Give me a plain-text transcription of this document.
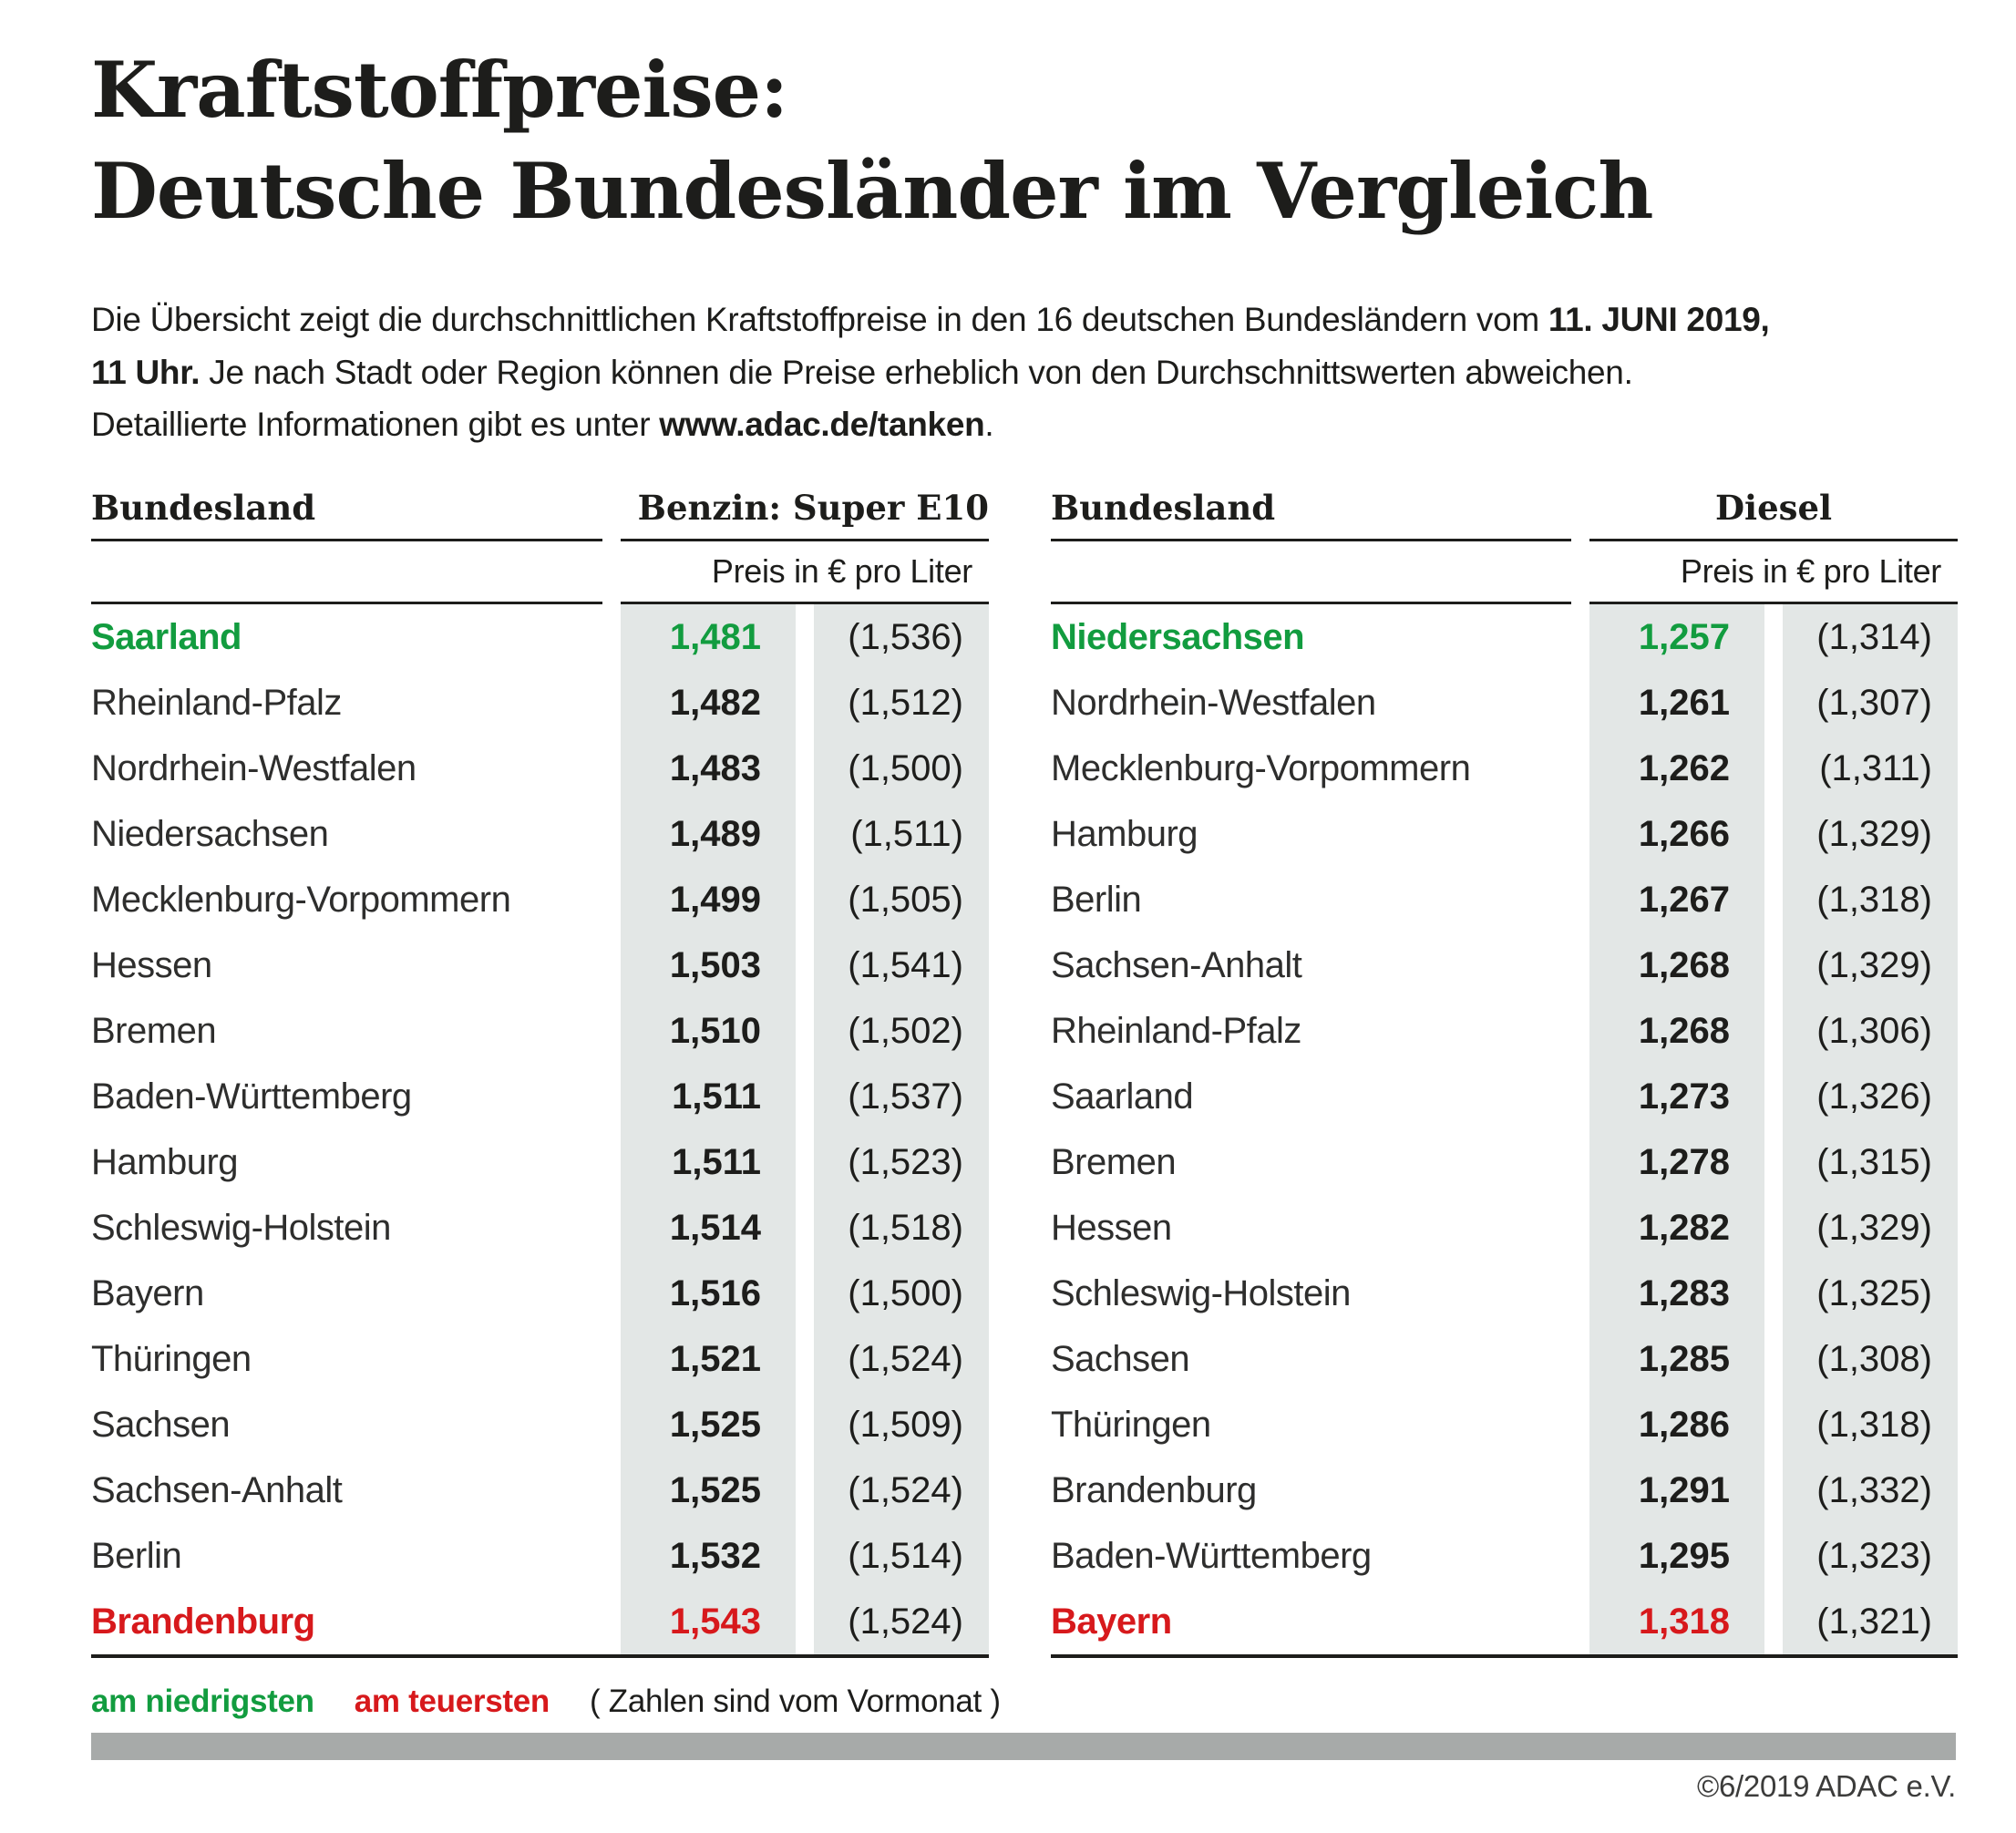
Kraftstoffpreise:
Deutsche Bundesländer im Vergleich

Die Übersicht zeigt die durchschnittlichen Kraftstoffpreise in den 16 deutschen Bundesländern vom 11. JUNI 2019,
11 Uhr. Je nach Stadt oder Region können die Preise erheblich von den Durchschnittswerten abweichen.
Detaillierte Informationen gibt es unter www.adac.de/tanken.

Bundesland	Benzin: Super E10
Preis in € pro Liter
Saarland	1,481	(1,536)
Rheinland-Pfalz	1,482	(1,512)
Nordrhein-Westfalen	1,483	(1,500)
Niedersachsen	1,489	(1,511)
Mecklenburg-Vorpommern	1,499	(1,505)
Hessen	1,503	(1,541)
Bremen	1,510	(1,502)
Baden-Württemberg	1,511	(1,537)
Hamburg	1,511	(1,523)
Schleswig-Holstein	1,514	(1,518)
Bayern	1,516	(1,500)
Thüringen	1,521	(1,524)
Sachsen	1,525	(1,509)
Sachsen-Anhalt	1,525	(1,524)
Berlin	1,532	(1,514)
Brandenburg	1,543	(1,524)
Bundesland	Diesel
Preis in € pro Liter
Niedersachsen	1,257	(1,314)
Nordrhein-Westfalen	1,261	(1,307)
Mecklenburg-Vorpommern	1,262	(1,311)
Hamburg	1,266	(1,329)
Berlin	1,267	(1,318)
Sachsen-Anhalt	1,268	(1,329)
Rheinland-Pfalz	1,268	(1,306)
Saarland	1,273	(1,326)
Bremen	1,278	(1,315)
Hessen	1,282	(1,329)
Schleswig-Holstein	1,283	(1,325)
Sachsen	1,285	(1,308)
Thüringen	1,286	(1,318)
Brandenburg	1,291	(1,332)
Baden-Württemberg	1,295	(1,323)
Bayern	1,318	(1,321)
am niedrigsten am teuersten ( Zahlen sind vom Vormonat )
©6/2019 ADAC e.V.
